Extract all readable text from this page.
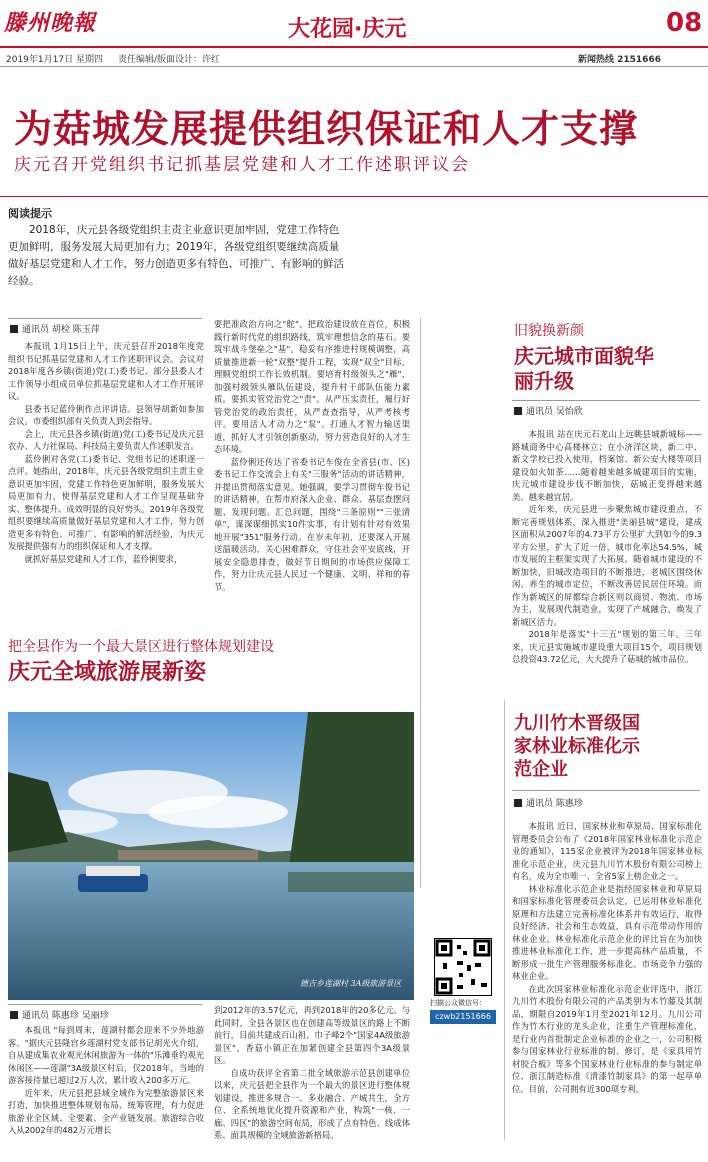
滕州晚報	大花园·庆元	08
2019年1月17日 星期四 责任编辑/版面设计：许红	新闻热线 2151666
为菇城发展提供组织保证和人才支撑
庆元召开党组织书记抓基层党建和人才工作述职评议会
阅读提示
2018年，庆元县各级党组织主责主业意识更加牢固，党建工作特色更加鲜明，服务发展大局更加有力；2019年，各级党组织要继续高质量做好基层党建和人才工作，努力创造更多有特色、可推广、有影响的鲜活经验。
通讯员 胡检 陈玉萍

本报讯 1月15日上午，庆元县召开2018年度党组织书记抓基层党建和人才工作述职评议会。会议对2018年度各乡镇(街道)党(工)委书记、部分县委人才工作领导小组成员单位抓基层党建和人才工作开展评议。

县委书记蓝伶俐作点评讲话。县领导胡新如参加会议。市委组织部有关负责人到会指导。

会上，庆元县各乡镇(街道)党(工)委书记及庆元县农办、人力社保局、科技局主要负责人作述职发言。

蓝伶俐对各党(工)委书记、党组书记的述职逐一点评。她指出，2018年，庆元县各级党组织主责主业意识更加牢固，党建工作特色更加鲜明，服务发展大局更加有力，使得基层党建和人才工作呈现基础夯实、整体提升、成效明显的良好势头。2019年各级党组织要继续高质量做好基层党建和人才工作，努力创造更多有特色、可推广、有影响的鲜活经验，为庆元发展提供强有力的组织保证和人才支撑。

就抓好基层党建和人才工作，蓝伶俐要求，

要把准政治方向之"舵"。把政治建设放在首位，积极践行新时代党的组织路线，筑牢理想信念的基石。要筑牢战斗堡垒之"基"。稳妥有序推进村规模调整，高质量推进新一轮"双整"提升工程，实现"双全"目标，理顺党组织工作长效机制。要培育村级领头之"雁"，加强村级领头雁队伍建设，提升村干部队伍能力素质。要抓实管党治党之"责"。从严压实责任，履行好管党治党的政治责任，从严查查指导，从严考核考评。要用活人才动力之"泵"。打通人才智力输送渠道，抓好人才引领创新驱动，努力营造良好的人才生态环境。

蓝伶俐还传达了省委书记车俊在全省县(市、区)委书记工作交流会上有关"三服务"活动的讲话精神，并提出贯彻落实意见。她强调，要学习贯彻车俊书记的讲话精神，在帮市府深入企业、群众、基层查摆问题、发现问题、汇总问题，围绕"三条原则""三张清单"，谋深谋细抓实10件实事，有计划有针对有效果地开展"351"服务行动。在岁末年初，还要深入开展送温暖活动，关心困难群众，守住社会平安底线，开展安全隐患排查，做好节日期间的市场供应保障工作，努力让庆元县人民过一个健康、文明、祥和的春节。

旧貌换新颜
庆元城市面貌华丽升级
通讯员 吴怡欣

本报讯 站在庆元石龙山上远眺县城新城标——路城商务中心高楼林立；在小济洋区块，新二中、新文学校已投入使用，档案馆、新公安大楼等项目建设如火如荼……随着越来越多城建项目的实施，庆元城市建设步伐不断加快，菇城正变得越来越美、越来越宜居。

近年来，庆元县进一步聚焦城市建设重点，不断完善规划体系，深入推进"美丽县城"建设，建成区面积从2007年的4.73平方公里扩大到如今的9.3平方公里，扩大了近一倍，城市化率达54.5%，城市发展的主框架实现了大拓展。随着城市建设的不断加快，旧城改造项目的不断推进，老城区围绕休闲、养生的城市定位，不断改善居民居住环境。而作为新城区的屏都综合新区则以商贸、物流、市场为主，发展现代制造业，实现了产城融合，焕发了新城区活力。

2018年是落实"十三五"规划的第三年。三年来，庆元县实施城市建设重大项目15个，项目规划总投资43.72亿元，大大提升了菇城的城市品位。

把全县作为一个最大景区进行整体规划建设
庆元全域旅游展新姿
德吉乡莲湖村 3A级旅游景区
扫描公众微信号：
czwb2151666
通讯员 陈惠珍 吴丽珍

本报讯 "每到周末，莲湖村都会迎来不少外地游客。"据庆元县隆宫乡莲湖村党支部书记胡光火介绍，自从建成集农业观光休闲旅游为一体的"乐滩垂钓观光休闲区——莲湖"3A级景区村后，仅2018年，当地的游客接待量已超过2万人次，累计收入200多万元。

近年来，庆元县把县域全域作为完整旅游景区来打造，加快推进整体规划布局、统筹管理，有力促进旅游业全区域、全要素、全产业链发展。旅游综合收入从2002年的482万元增长

到2012年的3.57亿元，再到2018年的20多亿元。与此同时，全县各景区也在创建高等级景区的路上不断前行，目前共建成百山祖、巾子峰2个"国家4A级旅游景区"，香菇小镇正在加紧创建全县第四个3A级景区。

自成功获评全省第二批全域旅游示范县创建单位以来，庆元县把全县作为一个最大的景区进行整体规划建设，推进多规合一、多业融合、产城共生，全方位、全系统地优化提升资源和产业，构筑"一核、一廊、四区"的旅游空间布局，形成了点有特色、线成体系、面具规模的全域旅游新格局。

九川竹木晋级国家林业标准化示范企业
通讯员 陈惠珍

本报讯 近日，国家林业和草原局、国家标准化管理委员会公布了《2018年国家林业标准化示范企业的通知》，115家企业被评为2018年国家林业标准化示范企业，庆元县九川竹木股份有限公司榜上有名，成为全市唯一、全省5家上榜企业之一。

林业标准化示范企业是指经国家林业和草原局和国家标准化管理委员会认定，已运用林业标准化原理和方法建立完善标准化体系并有效运行，取得良好经济、社会和生态效益，具有示范带动作用的林业企业。林业标准化示范企业的评比旨在为加快推进林业标准化工作，进一步提高林产品质量，不断形成一批生产管理服务标准化、市场竞争力强的林业企业。

在此次国家林业标准化示范企业评选中，浙江九川竹木股份有限公司的产品类别为木竹藤及其制品，期限自2019年1月至2021年12月。九川公司作为竹木行业的龙头企业，注重生产管理标准化，是行业内首批制定企业标准的企业之一，公司积极参与国家林业行业标准的制、修订，是《家具用竹材胶合板》等多个国家林业行业标准的参与制定单位、浙江制造标准《清漆竹制家具》的第一起草单位。目前，公司拥有近300项专利。
